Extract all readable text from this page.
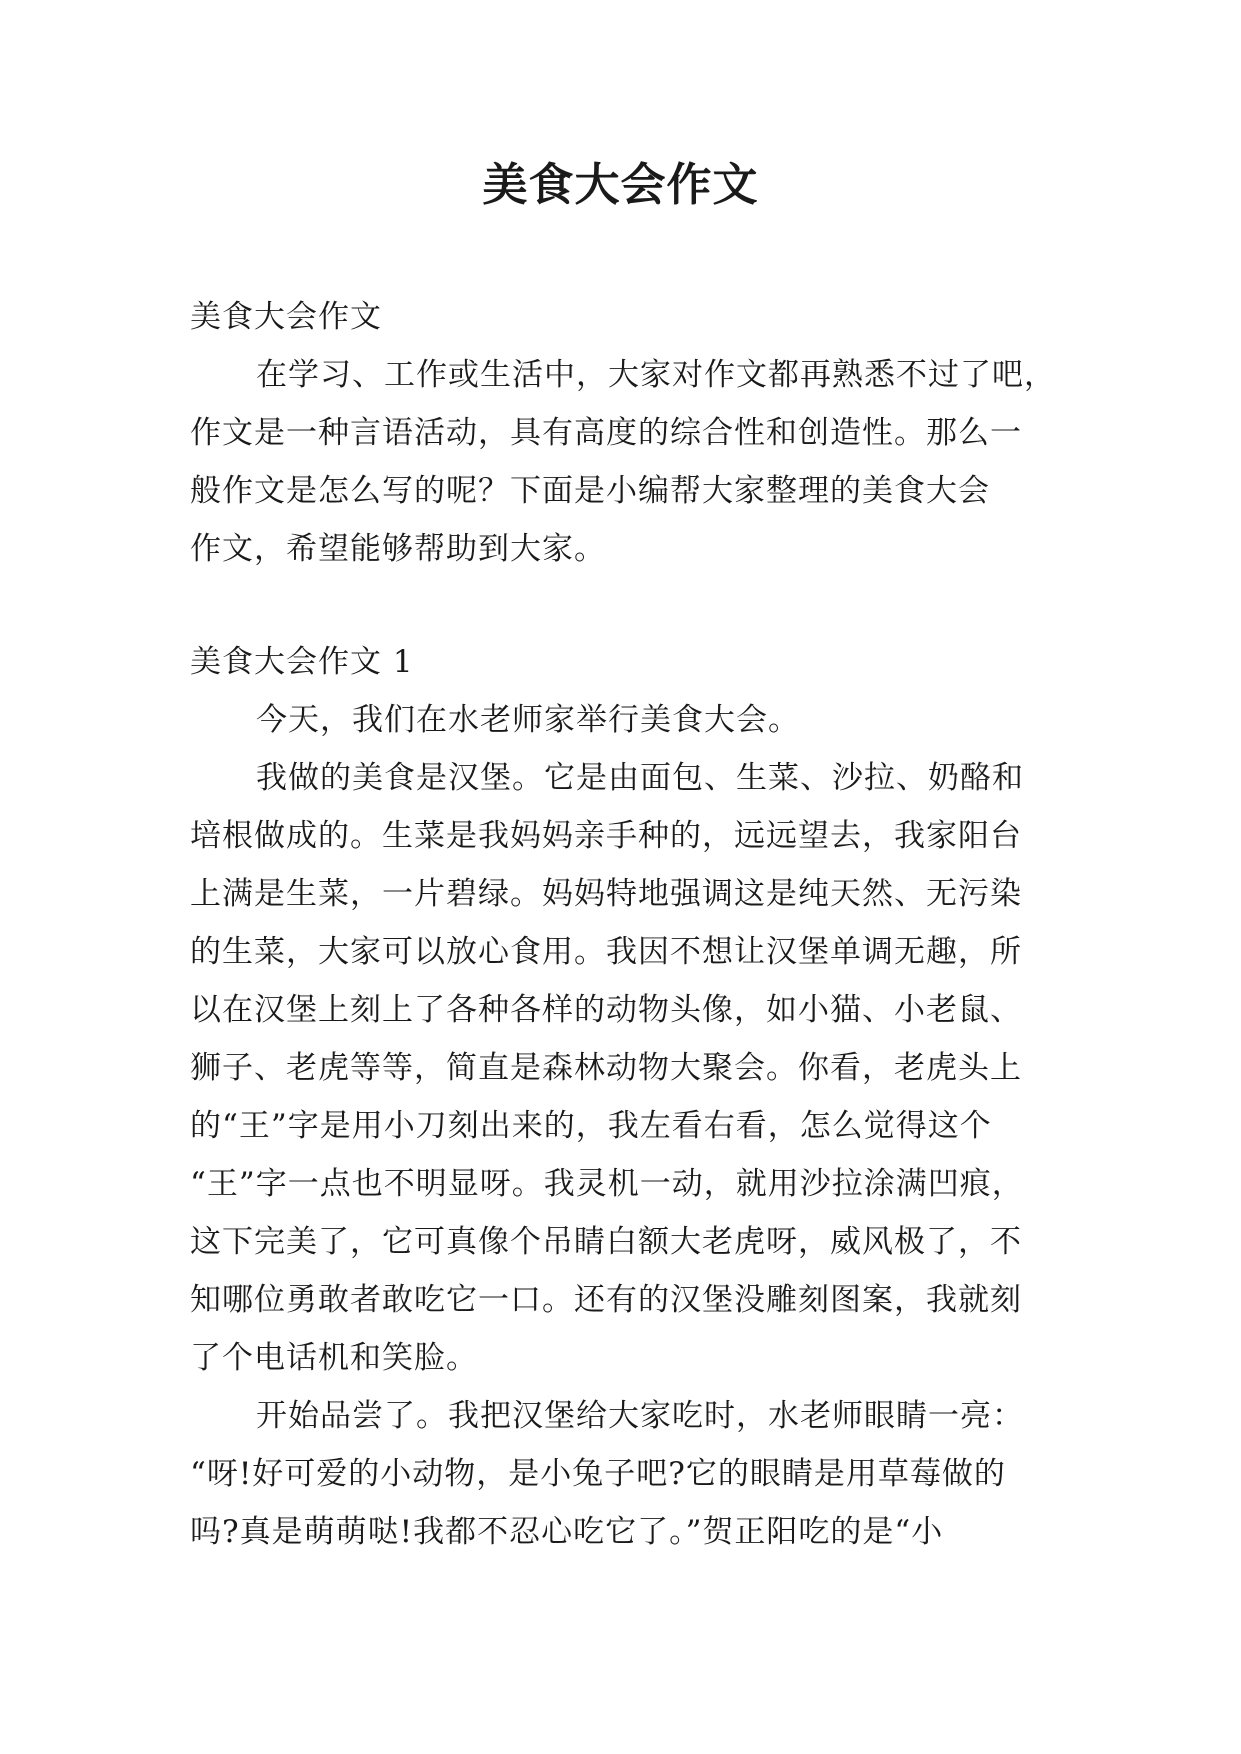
美食大会作文

美食大会作文

在学习、工作或生活中，大家对作文都再熟悉不过了吧，

作文是一种言语活动，具有高度的综合性和创造性。那么一

般作文是怎么写的呢？下面是小编帮大家整理的美食大会

作文，希望能够帮助到大家。

美食大会作文 1

今天，我们在水老师家举行美食大会。

我做的美食是汉堡。它是由面包、生菜、沙拉、奶酪和

培根做成的。生菜是我妈妈亲手种的，远远望去，我家阳台

上满是生菜，一片碧绿。妈妈特地强调这是纯天然、无污染

的生菜，大家可以放心食用。我因不想让汉堡单调无趣，所

以在汉堡上刻上了各种各样的动物头像，如小猫、小老鼠、

狮子、老虎等等，简直是森林动物大聚会。你看，老虎头上

的“王”字是用小刀刻出来的，我左看右看，怎么觉得这个

“王”字一点也不明显呀。我灵机一动，就用沙拉涂满凹痕，

这下完美了，它可真像个吊睛白额大老虎呀，威风极了，不

知哪位勇敢者敢吃它一口。还有的汉堡没雕刻图案，我就刻

了个电话机和笑脸。

开始品尝了。我把汉堡给大家吃时，水老师眼睛一亮：

“呀!好可爱的小动物，是小兔子吧?它的眼睛是用草莓做的

吗?真是萌萌哒!我都不忍心吃它了。”贺正阳吃的是“小
